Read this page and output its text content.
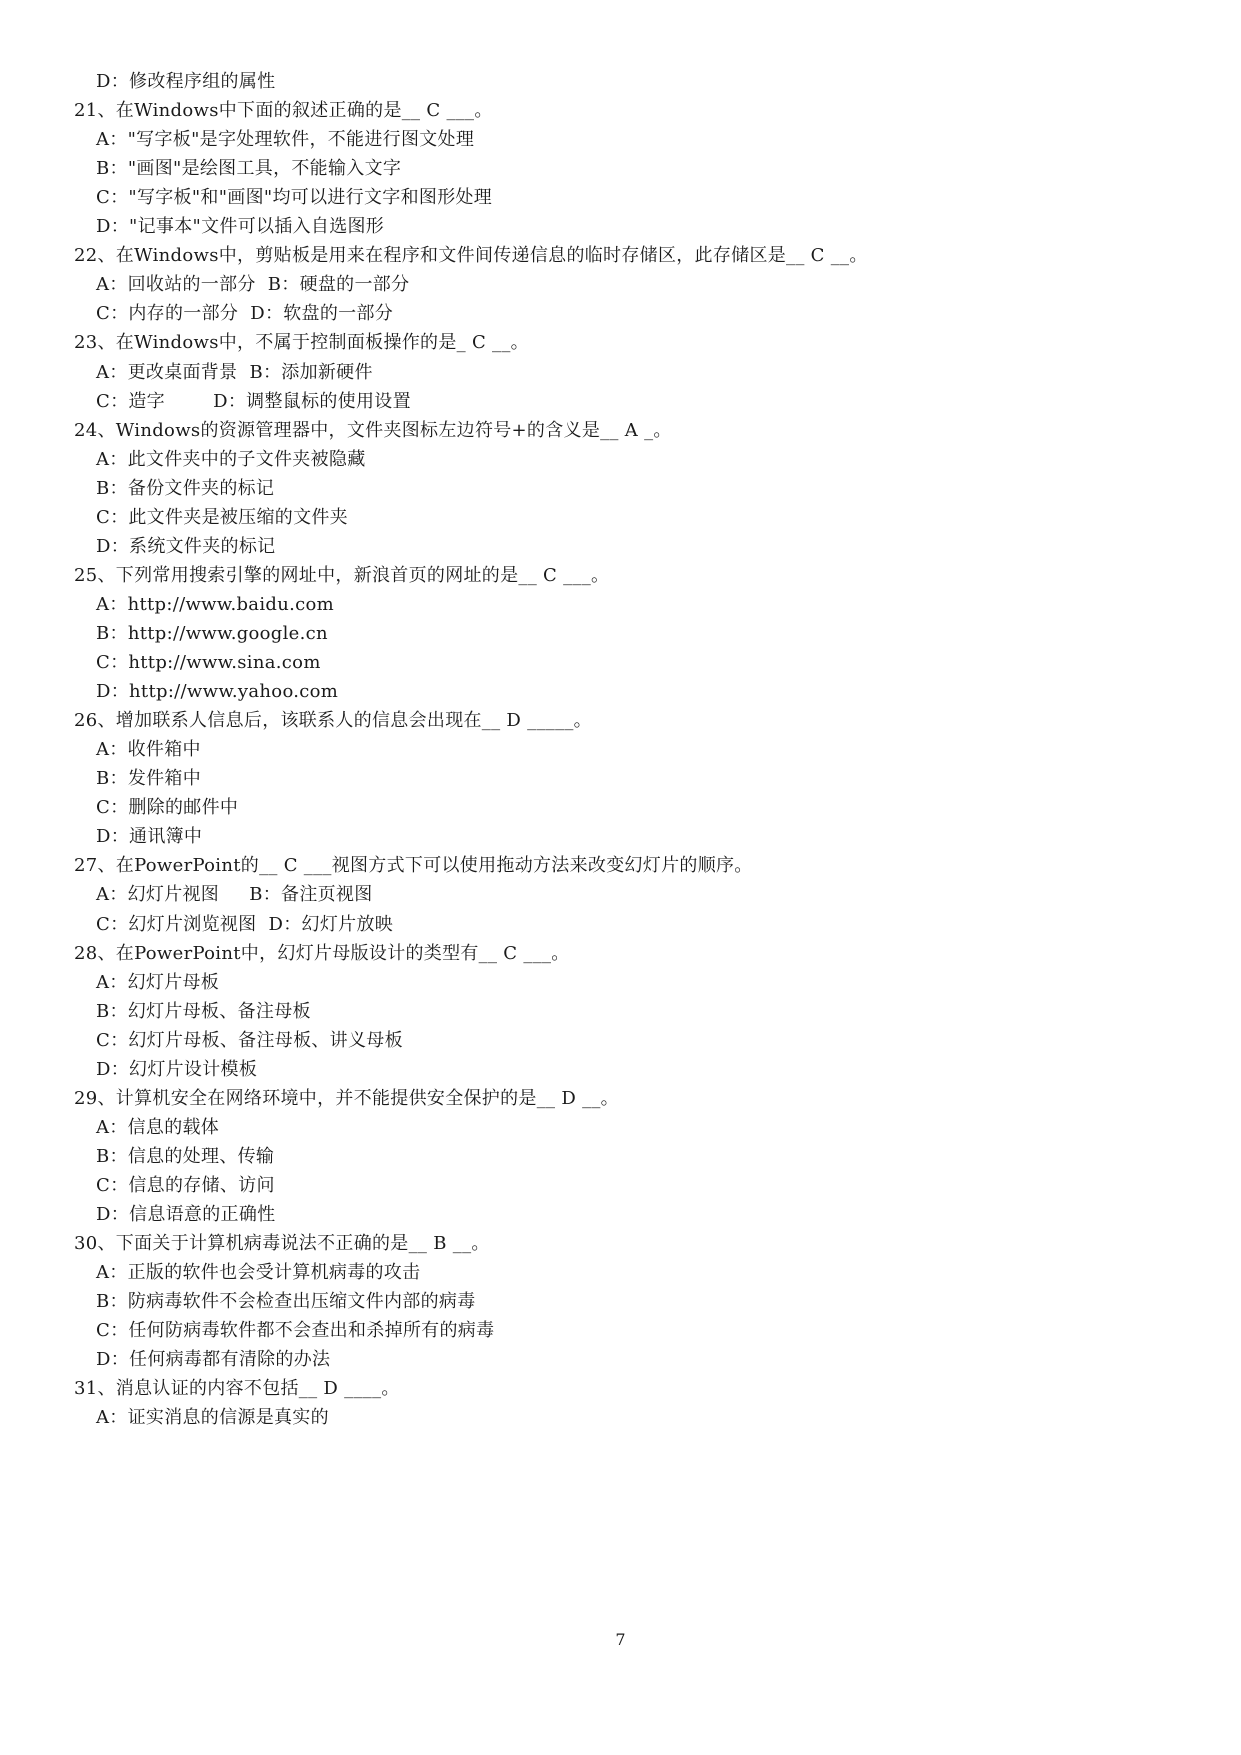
D：修改程序组的属性
21、在Windows中下面的叙述正确的是__ C ___。
A："写字板"是字处理软件，不能进行图文处理
B："画图"是绘图工具，不能输入文字
C："写字板"和"画图"均可以进行文字和图形处理
D："记事本"文件可以插入自选图形
22、在Windows中，剪贴板是用来在程序和文件间传递信息的临时存储区，此存储区是__ C __。
A：回收站的一部分  B：硬盘的一部分
C：内存的一部分  D：软盘的一部分
23、在Windows中，不属于控制面板操作的是_ C __。
A：更改桌面背景  B：添加新硬件
C：造字        D：调整鼠标的使用设置
24、Windows的资源管理器中，文件夹图标左边符号+的含义是__ A _。
A：此文件夹中的子文件夹被隐藏
B：备份文件夹的标记
C：此文件夹是被压缩的文件夹
D：系统文件夹的标记
25、下列常用搜索引擎的网址中，新浪首页的网址的是__ C ___。
A：http://www.baidu.com
B：http://www.google.cn
C：http://www.sina.com
D：http://www.yahoo.com
26、增加联系人信息后，该联系人的信息会出现在__ D _____。
A：收件箱中
B：发件箱中
C：删除的邮件中
D：通讯簿中
27、在PowerPoint的__ C ___视图方式下可以使用拖动方法来改变幻灯片的顺序。
A：幻灯片视图     B：备注页视图
C：幻灯片浏览视图  D：幻灯片放映
28、在PowerPoint中，幻灯片母版设计的类型有__ C ___。
A：幻灯片母板
B：幻灯片母板、备注母板
C：幻灯片母板、备注母板、讲义母板
D：幻灯片设计模板
29、计算机安全在网络环境中，并不能提供安全保护的是__ D __。
A：信息的载体
B：信息的处理、传输
C：信息的存储、访问
D：信息语意的正确性
30、下面关于计算机病毒说法不正确的是__ B __。
A：正版的软件也会受计算机病毒的攻击
B：防病毒软件不会检查出压缩文件内部的病毒
C：任何防病毒软件都不会查出和杀掉所有的病毒
D：任何病毒都有清除的办法
31、消息认证的内容不包括__ D ____。
A：证实消息的信源是真实的
7
